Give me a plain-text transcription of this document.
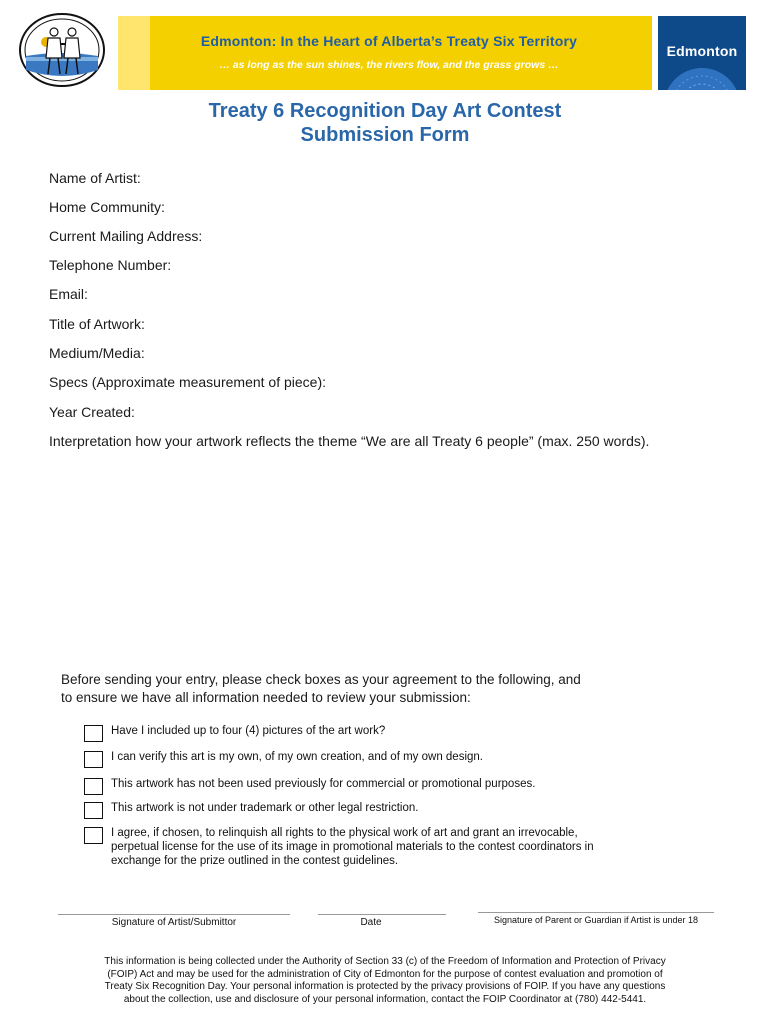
Edmonton: In the Heart of Alberta’s Treaty Six Territory
… as long as the sun shines, the rivers flow, and the grass grows …
Edmonton
Treaty 6 Recognition Day Art Contest
Submission Form
Name of Artist:
Home Community:
Current Mailing Address:
Telephone Number:
Email:
Title of Artwork:
Medium/Media:
Specs (Approximate measurement of piece):
Year Created:
Interpretation how your artwork reflects the theme “We are all Treaty 6 people” (max. 250 words).
Before sending your entry, please check boxes as your agreement to the following, and
to ensure we have all information needed to review your submission:
Have I included up to four (4) pictures of the art work?
I can verify this art is my own, of my own creation, and of my own design.
This artwork has not been used previously for commercial or promotional purposes.
This artwork is not under trademark or other legal restriction.
I agree, if chosen, to relinquish all rights to the physical work of art and grant an irrevocable,
perpetual license for the use of its image in promotional materials to the contest coordinators in
exchange for the prize outlined in the contest guidelines.
Signature of Artist/Submittor	Date	Signature of Parent or Guardian if Artist is under 18
This information is being collected under the Authority of Section 33 (c) of the Freedom of Information and Protection of Privacy
(FOIP) Act and may be used for the administration of City of Edmonton for the purpose of contest evaluation and promotion of
Treaty Six Recognition Day. Your personal information is protected by the privacy provisions of FOIP. If you have any questions
about the collection, use and disclosure of your personal information, contact the FOIP Coordinator at (780) 442-5441.
